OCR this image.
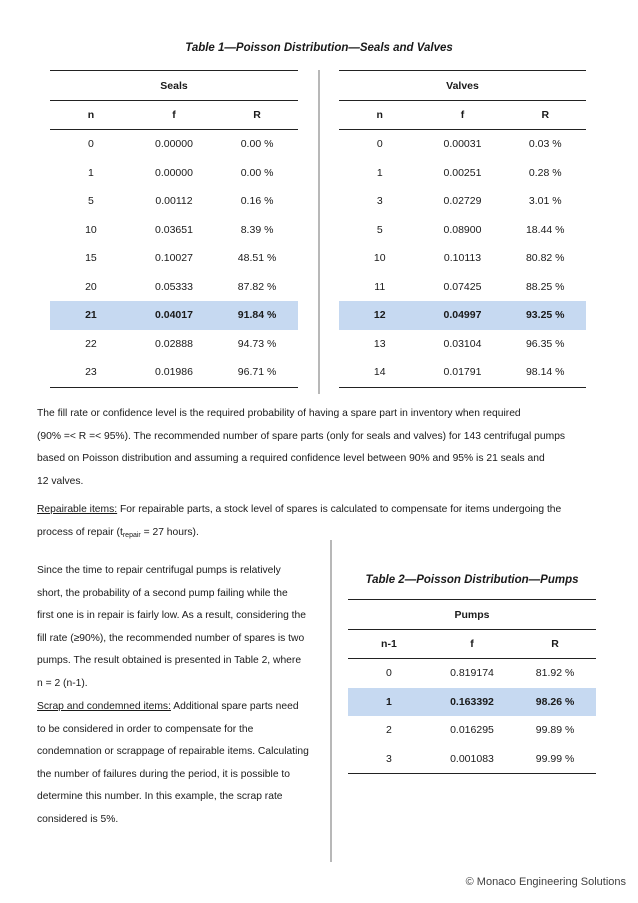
Table 1—Poisson Distribution—Seals and Valves
Seals		
n	f	R
0	0.00000	0.00 %
1	0.00000	0.00 %
5	0.00112	0.16 %
10	0.03651	8.39 %
15	0.10027	48.51 %
20	0.05333	87.82 %
21	0.04017	91.84 %
22	0.02888	94.73 %
23	0.01986	96.71 %
Valves		
n	f	R
0	0.00031	0.03 %
1	0.00251	0.28 %
3	0.02729	3.01 %
5	0.08900	18.44 %
10	0.10113	80.82 %
11	0.07425	88.25 %
12	0.04997	93.25 %
13	0.03104	96.35 %
14	0.01791	98.14 %

The fill rate or confidence level is the required probability of having a spare part in inventory when required

(90% =< R =< 95%). The recommended number of spare parts (only for seals and valves) for 143 centrifugal pumps

based on Poisson distribution and assuming a required confidence level between 90% and 95% is 21 seals and

12 valves.

Repairable items: For repairable parts, a stock level of spares is calculated to compensate for items undergoing the

process of repair ($t_{repair} = 27$ hours).

Since the time to repair centrifugal pumps is relatively

short, the probability of a second pump failing while the

first one is in repair is fairly low. As a result, considering the

fill rate (≥90%), the recommended number of spares is two

pumps. The result obtained is presented in Table 2, where

n = 2 (n-1).

Scrap and condemned items: Additional spare parts need

to be considered in order to compensate for the

condemnation or scrappage of repairable items. Calculating

the number of failures during the period, it is possible to

determine this number. In this example, the scrap rate

considered is 5%.

Table 2—Poisson Distribution—Pumps
Pumps		
n-1	f	R
0	0.819174	81.92 %
1	0.163392	98.26 %
2	0.016295	99.89 %
3	0.001083	99.99 %
© Monaco Engineering Solutions
